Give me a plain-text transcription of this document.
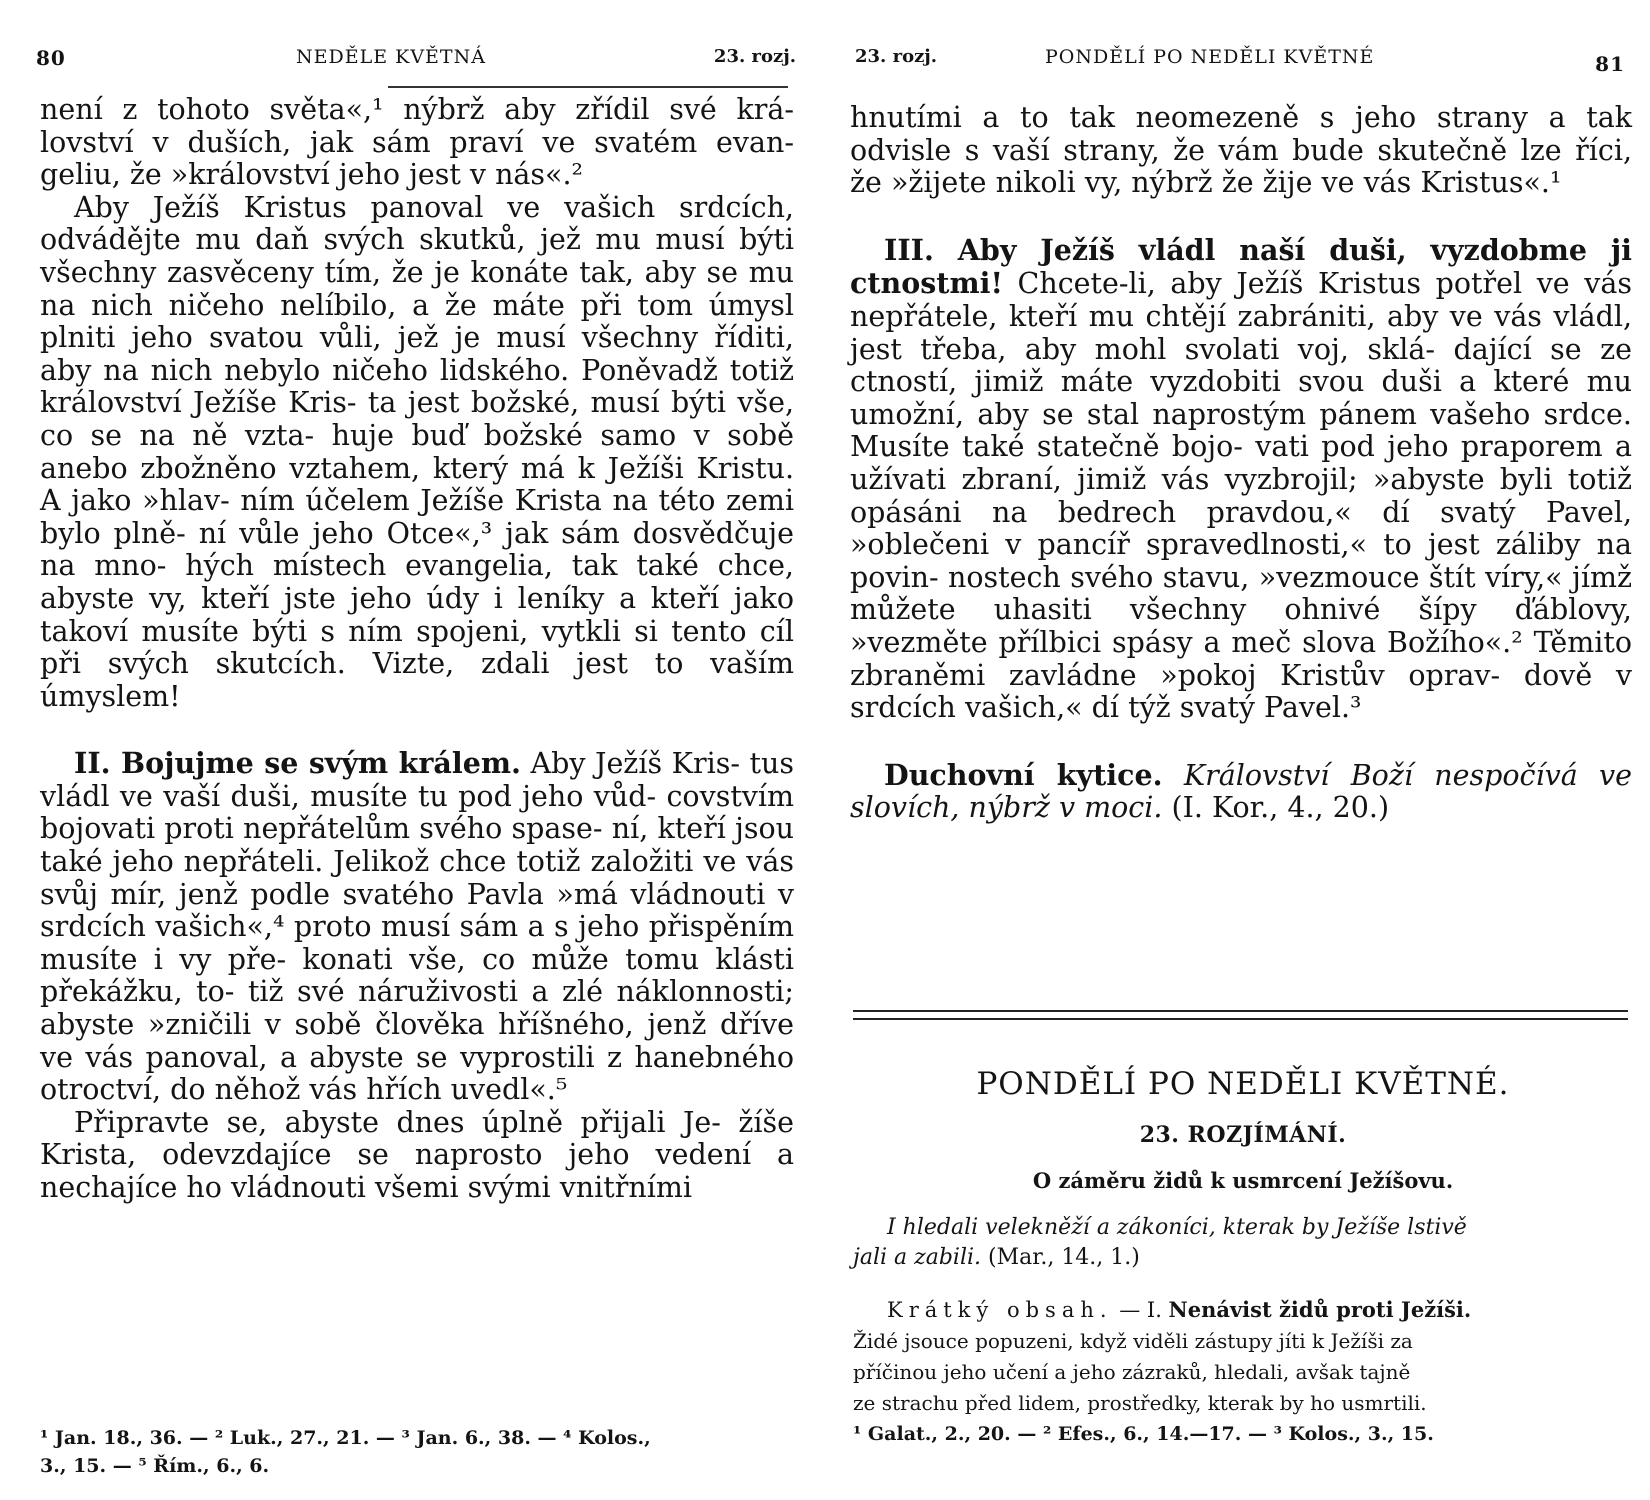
80	NEDĚLE KVĚTNÁ	23. rozj.

není z tohoto světa«,¹ nýbrž aby zřídil své krá- lovství v duších, jak sám praví ve svatém evan- geliu, že »království jeho jest v nás«.²

Aby Ježíš Kristus panoval ve vašich srdcích, odvádějte mu daň svých skutků, jež mu musí býti všechny zasvěceny tím, že je konáte tak, aby se mu na nich ničeho nelíbilo, a že máte při tom úmysl plniti jeho svatou vůli, jež je musí všechny říditi, aby na nich nebylo ničeho lidského. Poněvadž totiž království Ježíše Kris- ta jest božské, musí býti vše, co se na ně vzta- huje buď božské samo v sobě anebo zbožněno vztahem, který má k Ježíši Kristu. A jako »hlav- ním účelem Ježíše Krista na této zemi bylo plně- ní vůle jeho Otce«,³ jak sám dosvědčuje na mno- hých místech evangelia, tak také chce, abyste vy, kteří jste jeho údy i leníky a kteří jako takoví musíte býti s ním spojeni, vytkli si tento cíl při svých skutcích. Vizte, zdali jest to vaším úmyslem!

II. Bojujme se svým králem. Aby Ježíš Kris- tus vládl ve vaší duši, musíte tu pod jeho vůd- covstvím bojovati proti nepřátelům svého spase- ní, kteří jsou také jeho nepřáteli. Jelikož chce totiž založiti ve vás svůj mír, jenž podle svatého Pavla »má vládnouti v srdcích vašich«,⁴ proto musí sám a s jeho přispěním musíte i vy pře- konati vše, co může tomu klásti překážku, to- tiž své náruživosti a zlé náklonnosti; abyste »zničili v sobě člověka hříšného, jenž dříve ve vás panoval, a abyste se vyprostili z hanebného otroctví, do něhož vás hřích uvedl«.⁵

Připravte se, abyste dnes úplně přijali Je- žíše Krista, odevzdajíce se naprosto jeho vedení a nechajíce ho vládnouti všemi svými vnitřními

¹ Jan. 18., 36. — ² Luk., 27., 21. — ³ Jan. 6., 38. — ⁴ Kolos.,
3., 15. — ⁵ Řím., 6., 6.
23. rozj.	PONDĚLÍ PO NEDĚLI KVĚTNÉ	81

hnutími a to tak neomezeně s jeho strany a tak odvisle s vaší strany, že vám bude skutečně lze říci, že »žijete nikoli vy, nýbrž že žije ve vás Kristus«.¹

III. Aby Ježíš vládl naší duši, vyzdobme ji ctnostmi! Chcete-li, aby Ježíš Kristus potřel ve vás nepřátele, kteří mu chtějí zabrániti, aby ve vás vládl, jest třeba, aby mohl svolati voj, sklá- dající se ze ctností, jimiž máte vyzdobiti svou duši a které mu umožní, aby se stal naprostým pánem vašeho srdce. Musíte také statečně bojo- vati pod jeho praporem a užívati zbraní, jimiž vás vyzbrojil; »abyste byli totiž opásáni na bedrech pravdou,« dí svatý Pavel, »oblečeni v pancíř spravedlnosti,« to jest záliby na povin- nostech svého stavu, »vezmouce štít víry,« jímž můžete uhasiti všechny ohnivé šípy ďáblovy, »vezměte přílbici spásy a meč slova Božího«.² Těmito zbraněmi zavládne »pokoj Kristův oprav- dově v srdcích vašich,« dí týž svatý Pavel.³

Duchovní kytice. Království Boží nespočívá ve slovích, nýbrž v moci. (I. Kor., 4., 20.)

PONDĚLÍ PO NEDĚLI KVĚTNÉ.
23. ROZJÍMÁNÍ.
O záměru židů k usmrcení Ježíšovu.
I hledali velekněží a zákoníci, kterak by Ježíše lstivě
jali a zabili. (Mar., 14., 1.)

Krátký obsah. — I. Nenávist židů proti Ježíši.

Židé jsouce popuzeni, když viděli zástupy jíti k Ježíši za
příčinou jeho učení a jeho zázraků, hledali, avšak tajně
ze strachu před lidem, prostředky, kterak by ho usmrtili.
¹ Galat., 2., 20. — ² Efes., 6., 14.—17. — ³ Kolos., 3., 15.
